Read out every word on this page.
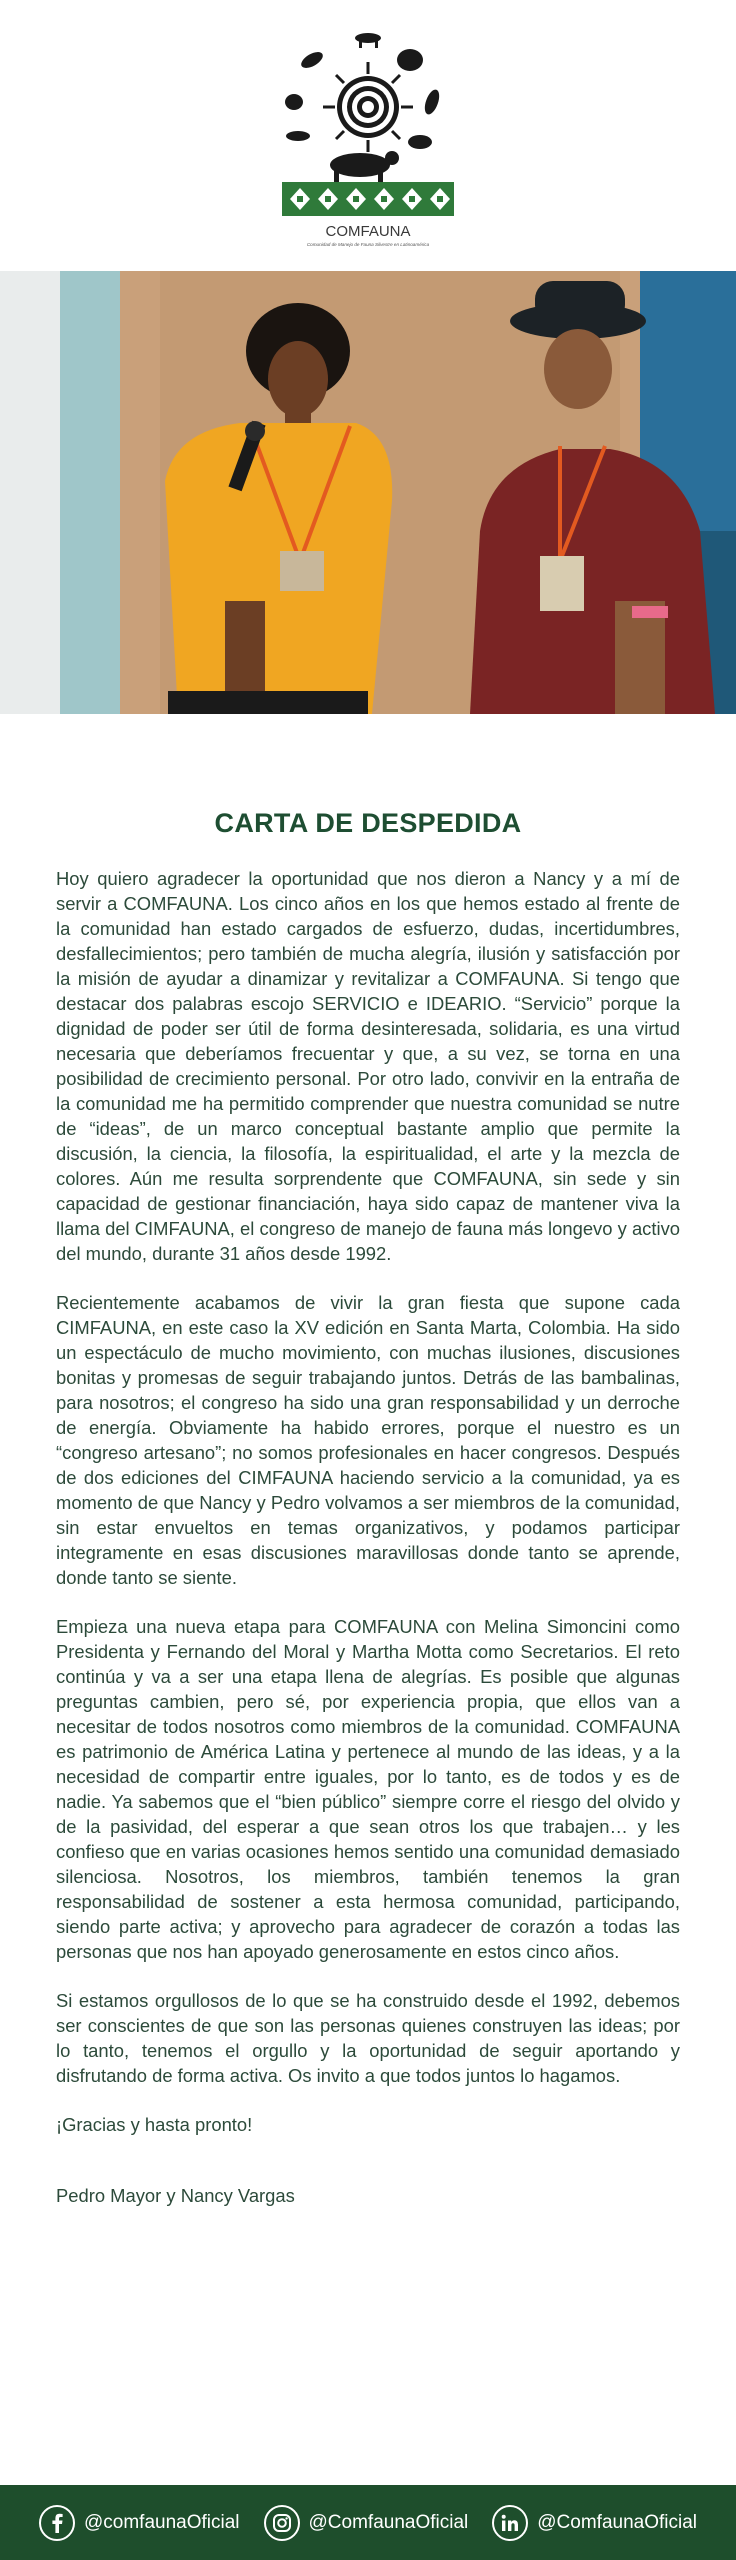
COMFAUNA
Comunidad de Manejo de Fauna Silvestre en Latinoamérica
CARTA DE DESPEDIDA

Hoy quiero agradecer la oportunidad que nos dieron a Nancy y a mí de servir a COMFAUNA. Los cinco años en los que hemos estado al frente de la comunidad han estado cargados de esfuerzo, dudas, incertidumbres, desfallecimientos; pero también de mucha alegría, ilusión y satisfacción por la misión de ayudar a dinamizar y revitalizar a COMFAUNA. Si tengo que destacar dos palabras escojo SERVICIO e IDEARIO. “Servicio” porque la dignidad de poder ser útil de forma desinteresada, solidaria, es una virtud necesaria que deberíamos frecuentar y que, a su vez, se torna en una posibilidad de crecimiento personal. Por otro lado, convivir en la entraña de la comunidad me ha permitido comprender que nuestra comunidad se nutre de “ideas”, de un marco conceptual bastante amplio que permite la discusión, la ciencia, la filosofía, la espiritualidad, el arte y la mezcla de colores. Aún me resulta sorprendente que COMFAUNA, sin sede y sin capacidad de gestionar financiación, haya sido capaz de mantener viva la llama del CIMFAUNA, el congreso de manejo de fauna más longevo y activo del mundo, durante 31 años desde 1992.

Recientemente acabamos de vivir la gran fiesta que supone cada CIMFAUNA, en este caso la XV edición en Santa Marta, Colombia. Ha sido un espectáculo de mucho movimiento, con muchas ilusiones, discusiones bonitas y promesas de seguir trabajando juntos. Detrás de las bambalinas, para nosotros; el congreso ha sido una gran responsabilidad y un derroche de energía. Obviamente ha habido errores, porque el nuestro es un “congreso artesano”; no somos profesionales en hacer congresos. Después de dos ediciones del CIMFAUNA haciendo servicio a la comunidad, ya es momento de que Nancy y Pedro volvamos a ser miembros de la comunidad, sin estar envueltos en temas organizativos, y podamos participar integramente en esas discusiones maravillosas donde tanto se aprende, donde tanto se siente.

Empieza una nueva etapa para COMFAUNA con Melina Simoncini como Presidenta y Fernando del Moral y Martha Motta como Secretarios. El reto continúa y va a ser una etapa llena de alegrías. Es posible que algunas preguntas cambien, pero sé, por experiencia propia, que ellos van a necesitar de todos nosotros como miembros de la comunidad. COMFAUNA es patrimonio de América Latina y pertenece al mundo de las ideas, y a la necesidad de compartir entre iguales, por lo tanto, es de todos y es de nadie. Ya sabemos que el “bien público” siempre corre el riesgo del olvido y de la pasividad, del esperar a que sean otros los que trabajen… y les confieso que en varias ocasiones hemos sentido una comunidad demasiado silenciosa. Nosotros, los miembros, también tenemos la gran responsabilidad de sostener a esta hermosa comunidad, participando, siendo parte activa; y aprovecho para agradecer de corazón a todas las personas que nos han apoyado generosamente en estos cinco años.

Si estamos orgullosos de lo que se ha construido desde el 1992, debemos ser conscientes de que son las personas quienes construyen las ideas; por lo tanto, tenemos el orgullo y la oportunidad de seguir aportando y disfrutando de forma activa. Os invito a que todos juntos lo hagamos.

¡Gracias y hasta pronto!

Pedro Mayor y Nancy Vargas

@comfaunaOficial	@ComfaunaOficial	@ComfaunaOficial
